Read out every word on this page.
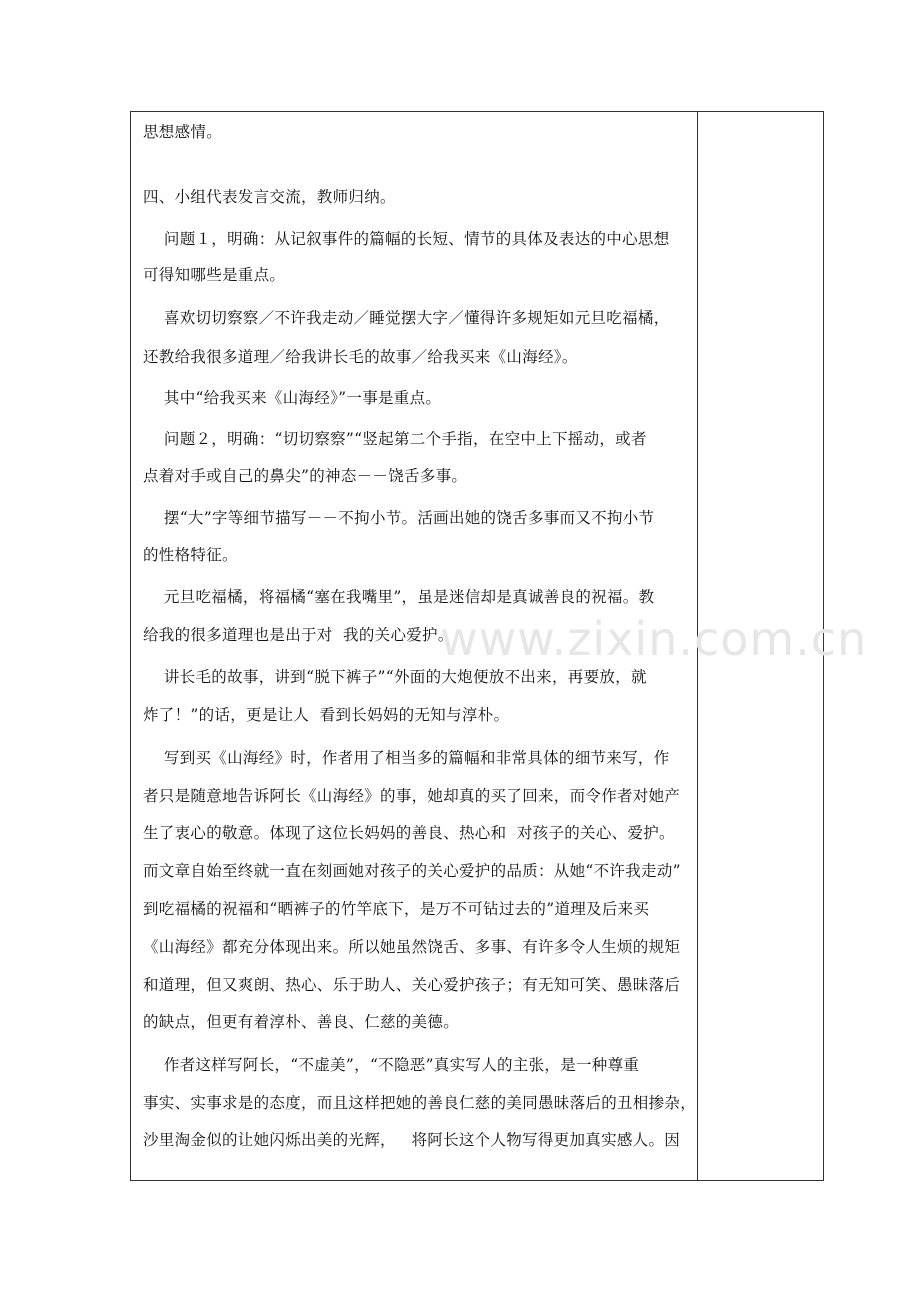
思想感情。
四、小组代表发言交流，教师归纳。
问题１，明确：从记叙事件的篇幅的长短、情节的具体及表达的中心思想
可得知哪些是重点。
喜欢切切察察／不许我走动／睡觉摆大字／懂得许多规矩如元旦吃福橘，
还教给我很多道理／给我讲长毛的故事／给我买来《山海经》。
其中“给我买来《山海经》”一事是重点。
问题２，明确：“切切察察”“竖起第二个手指，在空中上下摇动，或者
点着对手或自己的鼻尖”的神态－－饶舌多事。
摆“大”字等细节描写－－不拘小节。活画出她的饶舌多事而又不拘小节
的性格特征。
元旦吃福橘，将福橘“塞在我嘴里”，虽是迷信却是真诚善良的祝福。教
给我的很多道理也是出于对  我的关心爱护。
讲长毛的故事，讲到“脱下裤子”“外面的大炮便放不出来，再要放，就
炸了！”的话，更是让人  看到长妈妈的无知与淳朴。
写到买《山海经》时，作者用了相当多的篇幅和非常具体的细节来写，作
者只是随意地告诉阿长《山海经》的事，她却真的买了回来，而令作者对她产
生了衷心的敬意。体现了这位长妈妈的善良、热心和  对孩子的关心、爱护。
而文章自始至终就一直在刻画她对孩子的关心爱护的品质：从她“不许我走动”
到吃福橘的祝福和“晒裤子的竹竿底下，是万不可钻过去的”道理及后来买
《山海经》都充分体现出来。所以她虽然饶舌、多事、有许多令人生烦的规矩
和道理，但又爽朗、热心、乐于助人、关心爱护孩子；有无知可笑、愚昧落后
的缺点，但更有着淳朴、善良、仁慈的美德。
作者这样写阿长，“不虚美”，“不隐恶”真实写人的主张，是一种尊重
事实、实事求是的态度，而且这样把她的善良仁慈的美同愚昧落后的丑相掺杂，
沙里淘金似的让她闪烁出美的光辉，   将阿长这个人物写得更加真实感人。因
www.zixin.com.cn
